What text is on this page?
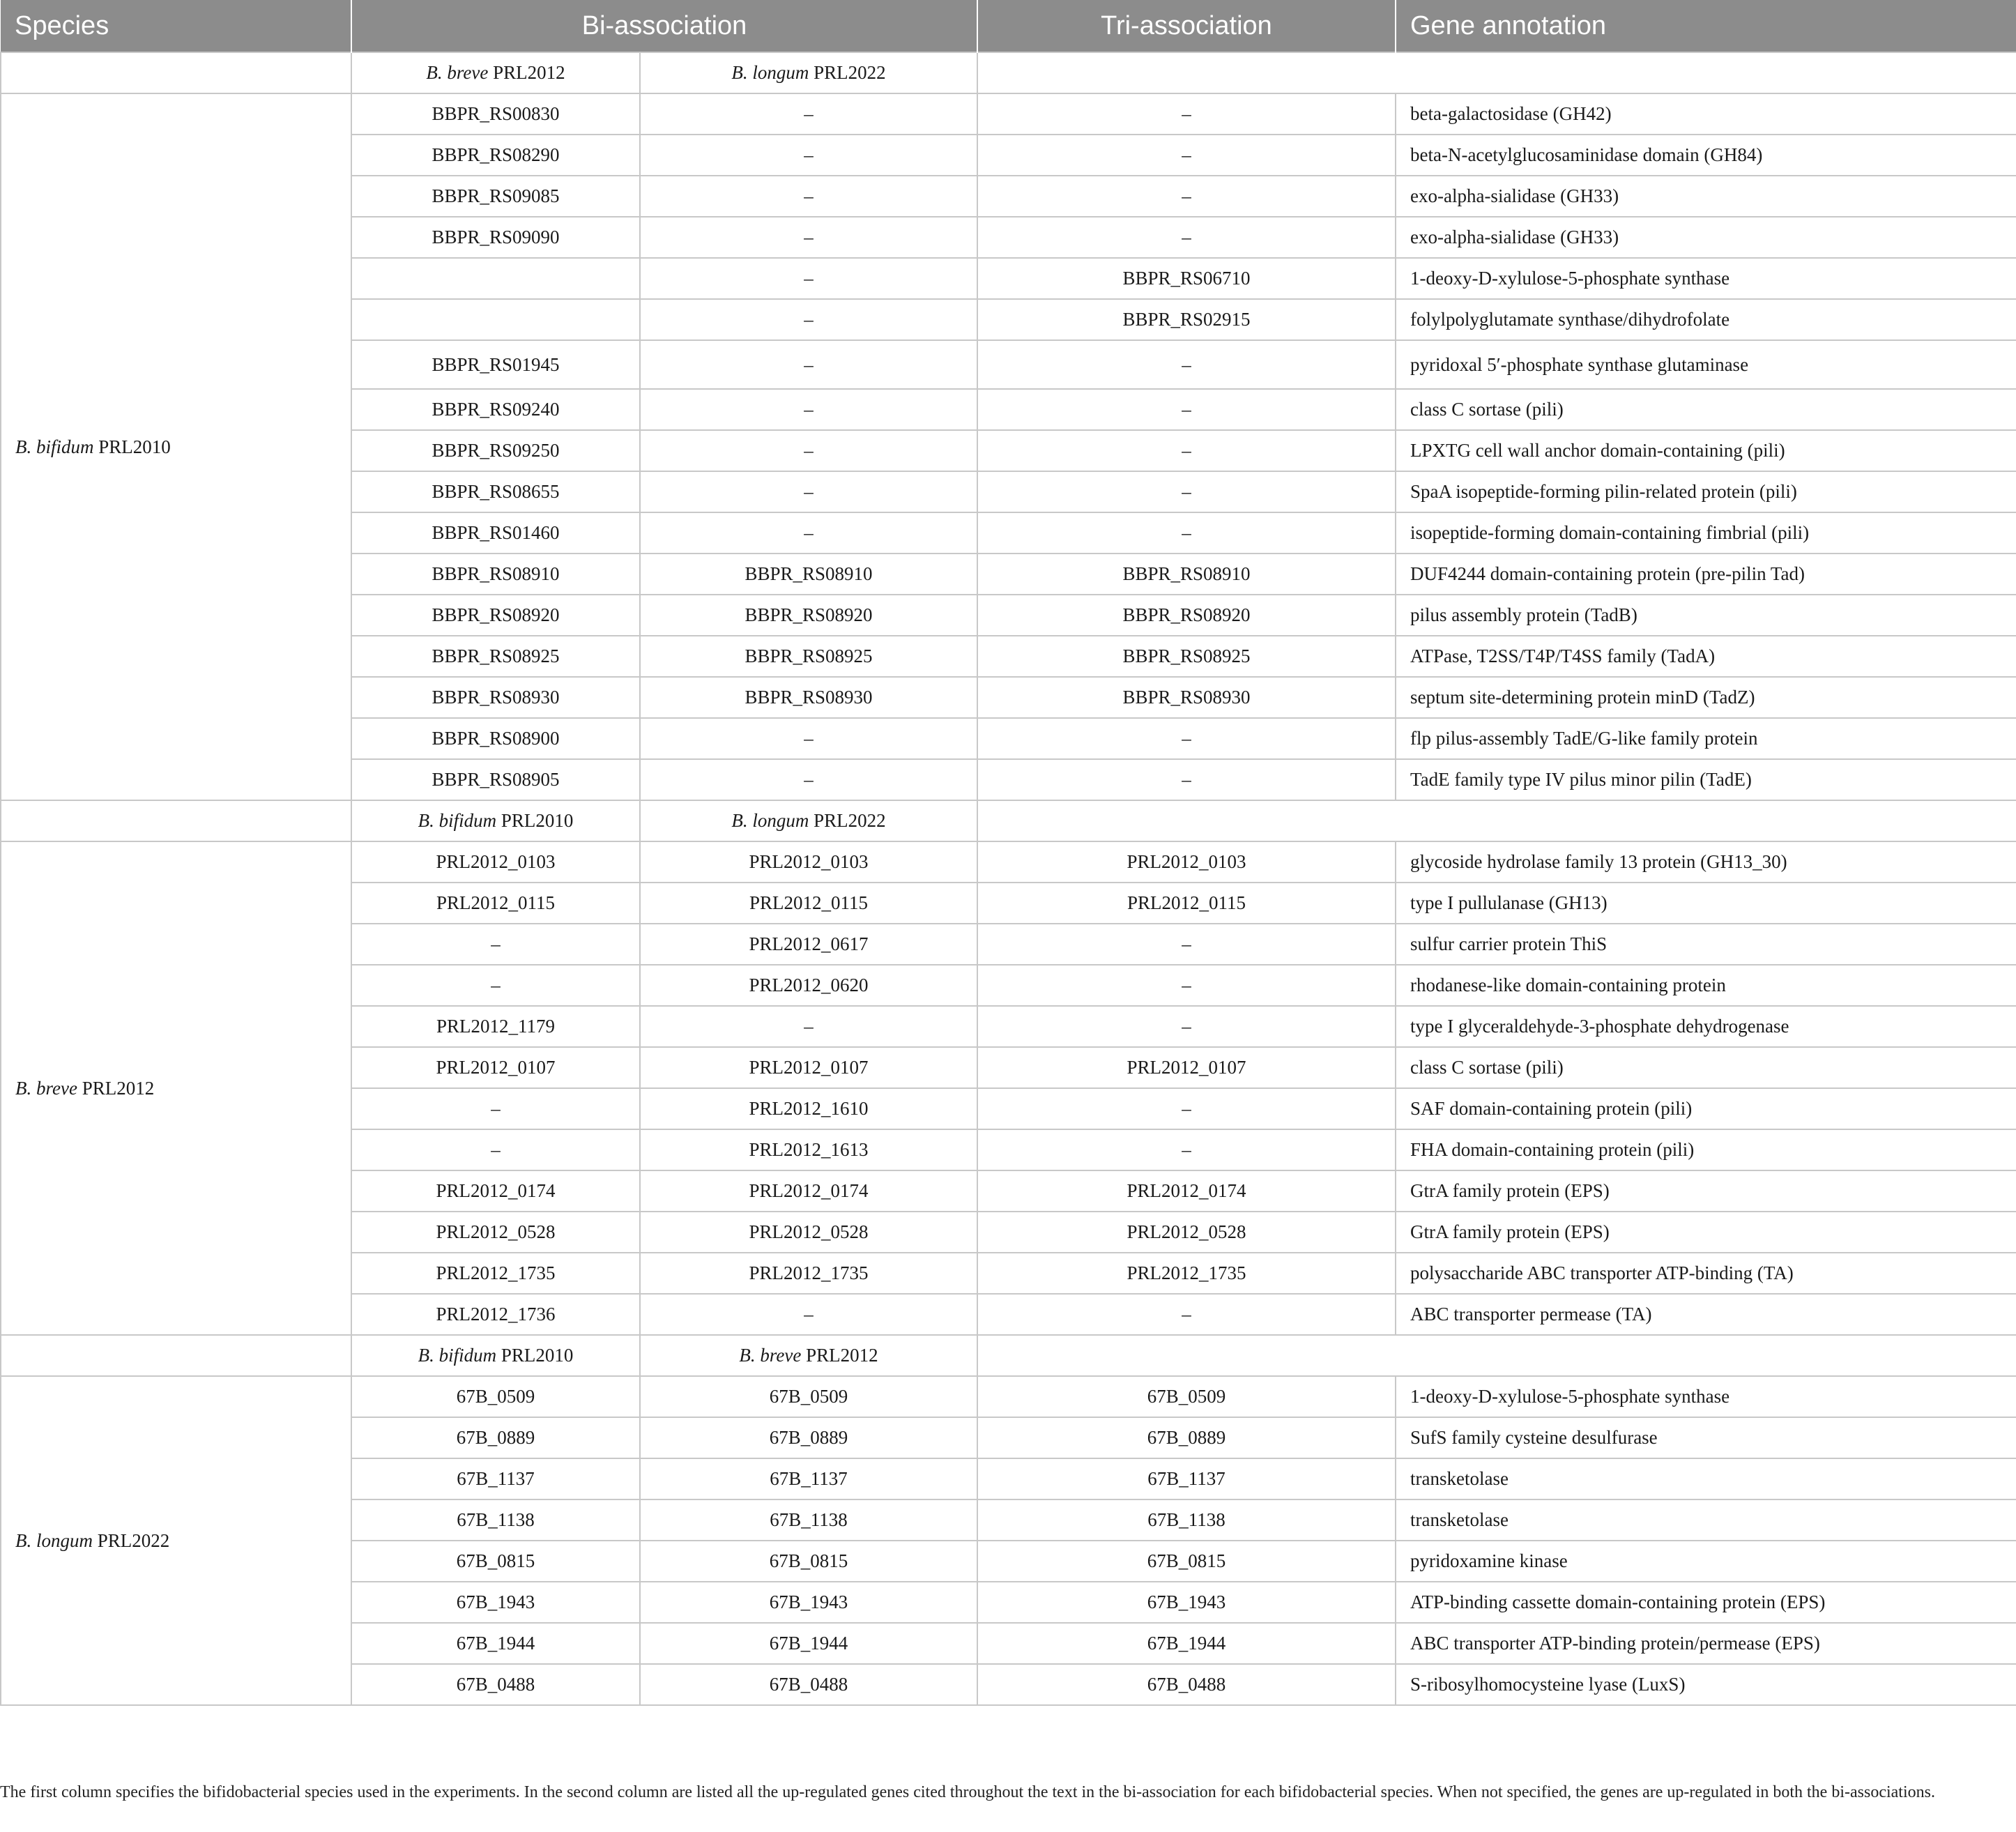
Species	Bi-association		Tri-association	Gene annotation
	B. breve PRL2012	B. longum PRL2022		
B. bifidum PRL2010	BBPR_RS00830	–	–	beta-galactosidase (GH42)
	BBPR_RS08290	–	–	beta-N-acetylglucosaminidase domain (GH84)
	BBPR_RS09085	–	–	exo-alpha-sialidase (GH33)
	BBPR_RS09090	–	–	exo-alpha-sialidase (GH33)
		–	BBPR_RS06710	1-deoxy-D-xylulose-5-phosphate synthase
		–	BBPR_RS02915	folylpolyglutamate synthase/dihydrofolate
	BBPR_RS01945	–	–	pyridoxal 5′-phosphate synthase glutaminase
	BBPR_RS09240	–	–	class C sortase (pili)
	BBPR_RS09250	–	–	LPXTG cell wall anchor domain-containing (pili)
	BBPR_RS08655	–	–	SpaA isopeptide-forming pilin-related protein (pili)
	BBPR_RS01460	–	–	isopeptide-forming domain-containing fimbrial (pili)
	BBPR_RS08910	BBPR_RS08910	BBPR_RS08910	DUF4244 domain-containing protein (pre-pilin Tad)
	BBPR_RS08920	BBPR_RS08920	BBPR_RS08920	pilus assembly protein (TadB)
	BBPR_RS08925	BBPR_RS08925	BBPR_RS08925	ATPase, T2SS/T4P/T4SS family (TadA)
	BBPR_RS08930	BBPR_RS08930	BBPR_RS08930	septum site-determining protein minD (TadZ)
	BBPR_RS08900	–	–	flp pilus-assembly TadE/G-like family protein
	BBPR_RS08905	–	–	TadE family type IV pilus minor pilin (TadE)
	B. bifidum PRL2010	B. longum PRL2022		
B. breve PRL2012	PRL2012_0103	PRL2012_0103	PRL2012_0103	glycoside hydrolase family 13 protein (GH13_30)
	PRL2012_0115	PRL2012_0115	PRL2012_0115	type I pullulanase (GH13)
	–	PRL2012_0617	–	sulfur carrier protein ThiS
	–	PRL2012_0620	–	rhodanese-like domain-containing protein
	PRL2012_1179	–	–	type I glyceraldehyde-3-phosphate dehydrogenase
	PRL2012_0107	PRL2012_0107	PRL2012_0107	class C sortase (pili)
	–	PRL2012_1610	–	SAF domain-containing protein (pili)
	–	PRL2012_1613	–	FHA domain-containing protein (pili)
	PRL2012_0174	PRL2012_0174	PRL2012_0174	GtrA family protein (EPS)
	PRL2012_0528	PRL2012_0528	PRL2012_0528	GtrA family protein (EPS)
	PRL2012_1735	PRL2012_1735	PRL2012_1735	polysaccharide ABC transporter ATP-binding (TA)
	PRL2012_1736	–	–	ABC transporter permease (TA)
	B. bifidum PRL2010	B. breve PRL2012		
B. longum PRL2022	67B_0509	67B_0509	67B_0509	1-deoxy-D-xylulose-5-phosphate synthase
	67B_0889	67B_0889	67B_0889	SufS family cysteine desulfurase
	67B_1137	67B_1137	67B_1137	transketolase
	67B_1138	67B_1138	67B_1138	transketolase
	67B_0815	67B_0815	67B_0815	pyridoxamine kinase
	67B_1943	67B_1943	67B_1943	ATP-binding cassette domain-containing protein (EPS)
	67B_1944	67B_1944	67B_1944	ABC transporter ATP-binding protein/permease (EPS)
	67B_0488	67B_0488	67B_0488	S-ribosylhomocysteine lyase (LuxS)
The first column specifies the bifidobacterial species used in the experiments. In the second column are listed all the up-regulated genes cited throughout the text in the bi-association for each bifidobacterial species. When not specified, the genes are up-regulated in both the bi-associations.
